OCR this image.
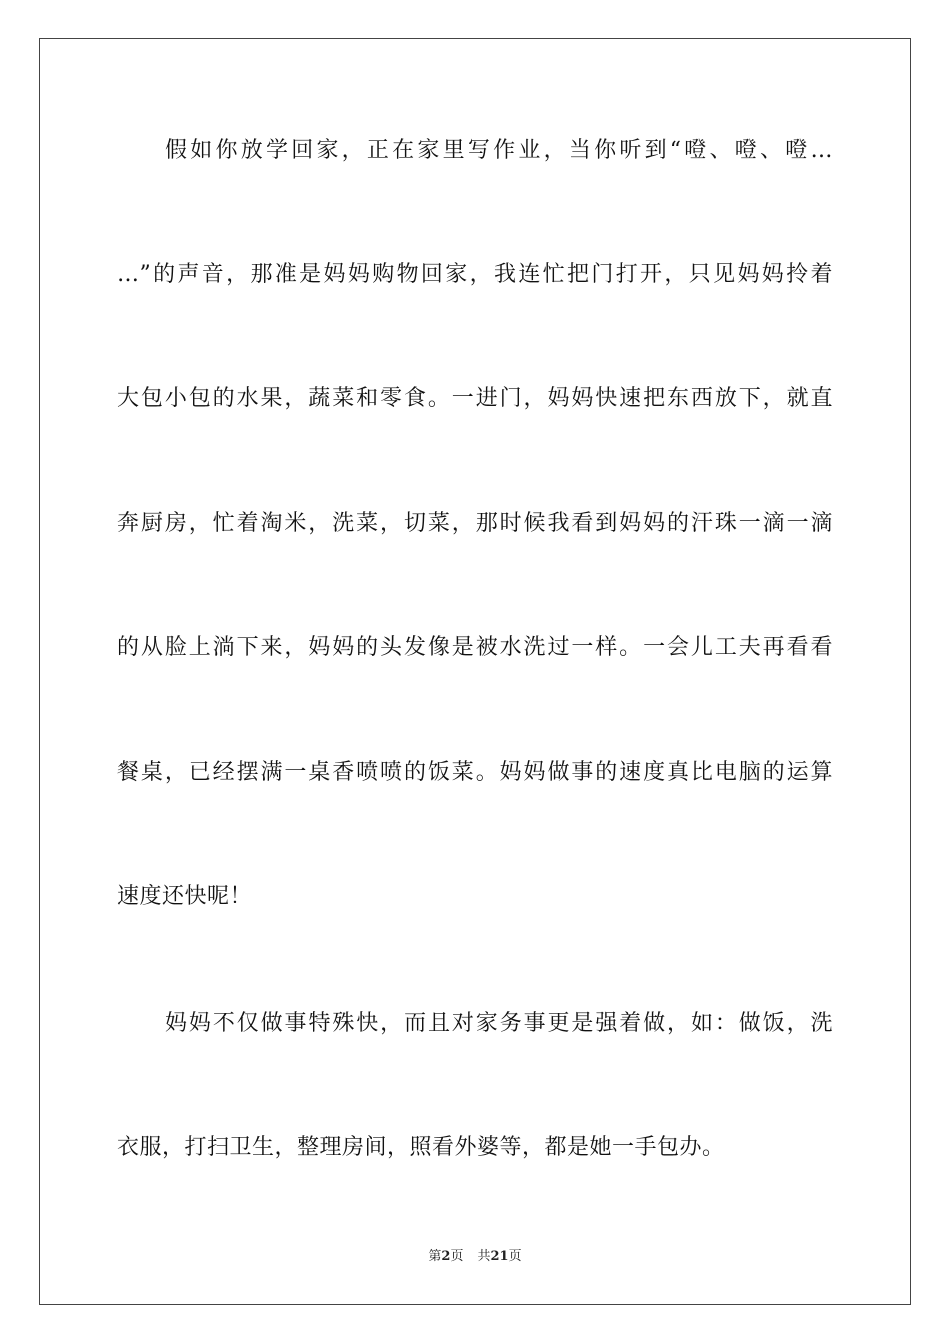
假如你放学回家，正在家里写作业，当你听到“噔、噔、噔…
…”的声音，那准是妈妈购物回家，我连忙把门打开，只见妈妈拎着
大包小包的水果，蔬菜和零食。一进门，妈妈快速把东西放下，就直
奔厨房，忙着淘米，洗菜，切菜，那时候我看到妈妈的汗珠一滴一滴
的从脸上淌下来，妈妈的头发像是被水洗过一样。一会儿工夫再看看
餐桌，已经摆满一桌香喷喷的饭菜。妈妈做事的速度真比电脑的运算
速度还快呢！
妈妈不仅做事特殊快，而且对家务事更是强着做，如：做饭，洗
衣服，打扫卫生，整理房间，照看外婆等，都是她一手包办。
第2页 共21页
